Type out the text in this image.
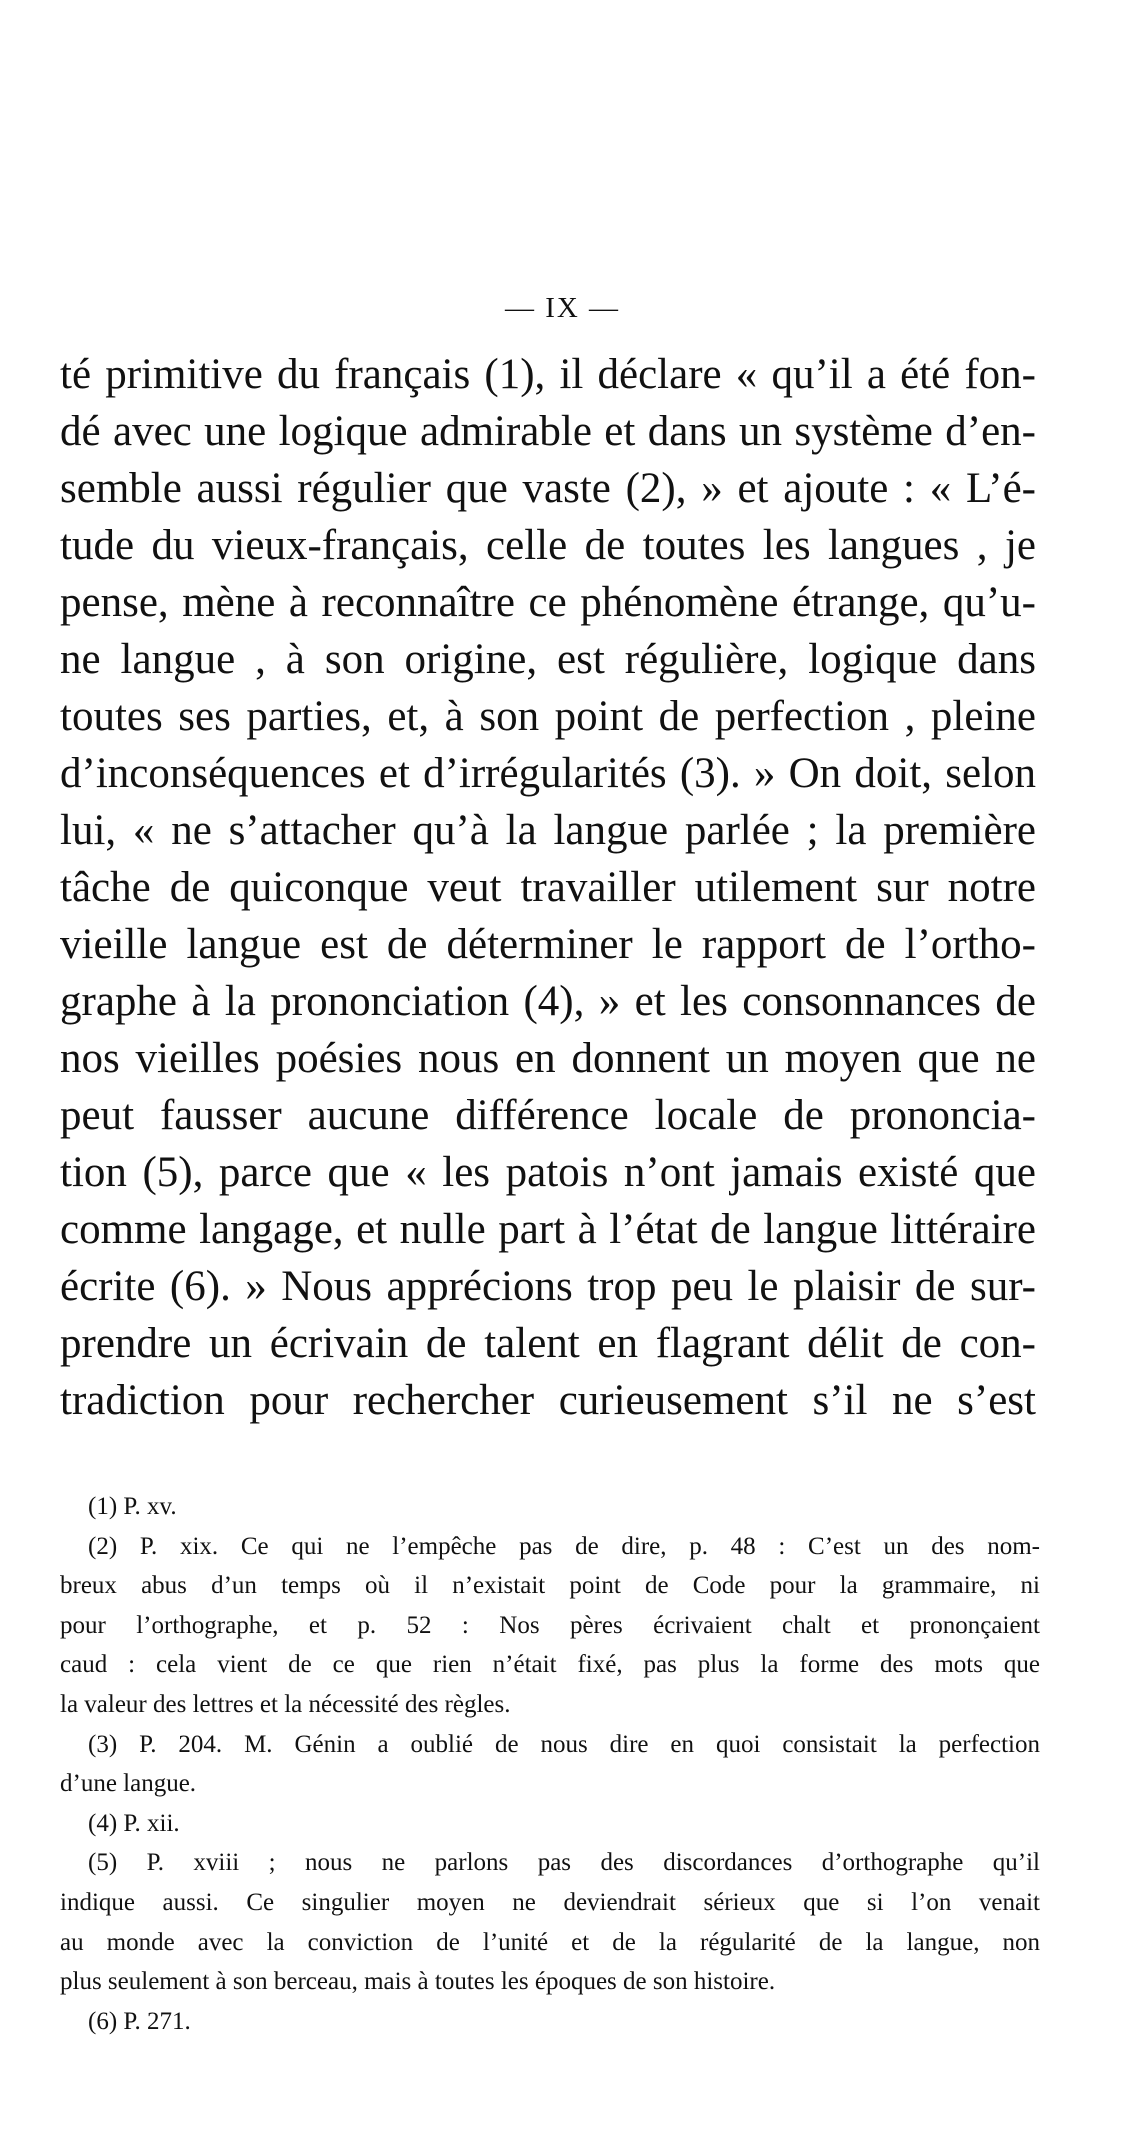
— IX —
té primitive du français (1), il déclare « qu’il a été fon-
dé avec une logique admirable et dans un système d’en-
semble aussi régulier que vaste (2), » et ajoute : « L’é-
tude du vieux-français, celle de toutes les langues , je
pense, mène à reconnaître ce phénomène étrange, qu’u-
ne langue , à son origine, est régulière, logique dans
toutes ses parties, et, à son point de perfection , pleine
d’inconséquences et d’irrégularités (3). » On doit, selon
lui, « ne s’attacher qu’à la langue parlée ; la première
tâche de quiconque veut travailler utilement sur notre
vieille langue est de déterminer le rapport de l’ortho-
graphe à la prononciation (4), » et les consonnances de
nos vieilles poésies nous en donnent un moyen que ne
peut fausser aucune différence locale de prononcia-
tion (5), parce que « les patois n’ont jamais existé que
comme langage, et nulle part à l’état de langue littéraire
écrite (6). » Nous apprécions trop peu le plaisir de sur-
prendre un écrivain de talent en flagrant délit de con-
tradiction pour rechercher curieusement s’il ne s’est
(1) P. xv.
(2) P. xix. Ce qui ne l’empêche pas de dire, p. 48 : C’est un des nom-
breux abus d’un temps où il n’existait point de Code pour la grammaire, ni
pour l’orthographe, et p. 52 : Nos pères écrivaient chalt et prononçaient
caud : cela vient de ce que rien n’était fixé, pas plus la forme des mots que
la valeur des lettres et la nécessité des règles.
(3) P. 204. M. Génin a oublié de nous dire en quoi consistait la perfection
d’une langue.
(4) P. xii.
(5) P. xviii ; nous ne parlons pas des discordances d’orthographe qu’il
indique aussi. Ce singulier moyen ne deviendrait sérieux que si l’on venait
au monde avec la conviction de l’unité et de la régularité de la langue, non
plus seulement à son berceau, mais à toutes les époques de son histoire.
(6) P. 271.
